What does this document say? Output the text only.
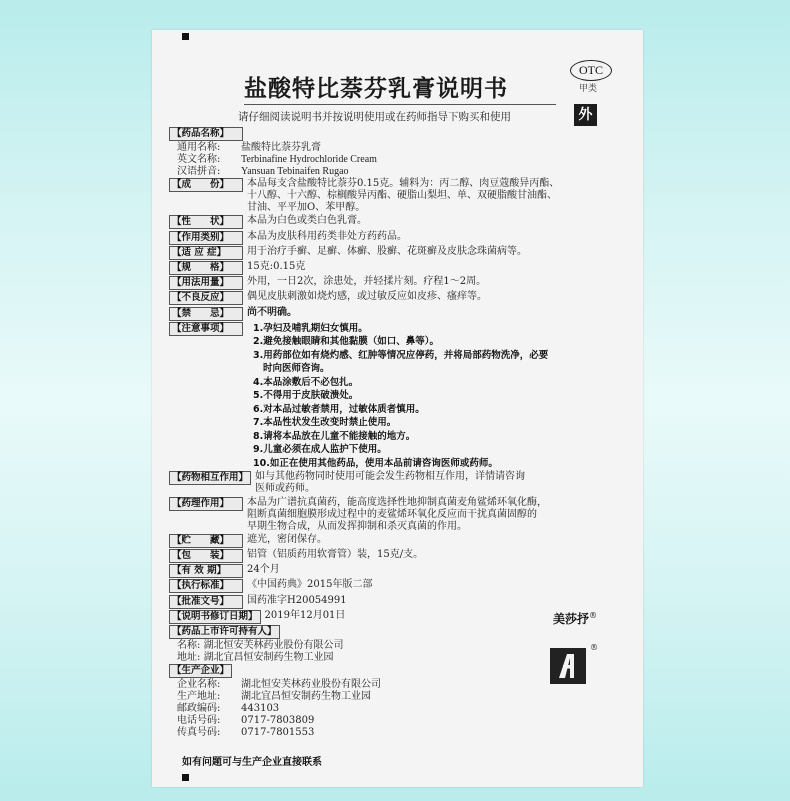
盐酸特比萘芬乳膏说明书
OTC
甲类
请仔细阅读说明书并按说明使用或在药师指导下购买和使用	外
【药品名称】
通用名称: 盐酸特比萘芬乳膏
英文名称: Terbinafine Hydrochloride Cream
汉语拼音: Yansuan Tebinaifen Rugao
【成　　份】	本品每支含盐酸特比萘芬0.15克。辅料为：丙二醇、肉豆蔻酸异丙酯、
十八醇、十六醇、棕榈酸异丙酯、硬脂山梨坦、单、双硬脂酸甘油酯、
甘油、平平加O、苯甲醇。
【性　　状】	本品为白色或类白色乳膏。
【作用类别】	本品为皮肤科用药类非处方药药品。
【适 应 症】	用于治疗手癣、足癣、体癣、股癣、花斑癣及皮肤念珠菌病等。
【规　　格】	15克:0.15克
【用法用量】	外用，一日2次，涂患处，并轻揉片刻。疗程1～2周。
【不良反应】	偶见皮肤刺激如烧灼感，或过敏反应如皮疹、瘙痒等。
【禁　　忌】	尚不明确。
【注意事项】	1.孕妇及哺乳期妇女慎用。
2.避免接触眼睛和其他黏膜（如口、鼻等）。
3.用药部位如有烧灼感、红肿等情况应停药，并将局部药物洗净，必要
时向医师咨询。
4.本品涂敷后不必包扎。
5.不得用于皮肤破溃处。
6.对本品过敏者禁用，过敏体质者慎用。
7.本品性状发生改变时禁止使用。
8.请将本品放在儿童不能接触的地方。
9.儿童必须在成人监护下使用。
10.如正在使用其他药品，使用本品前请咨询医师或药师。
【药物相互作用】 如与其他药物同时使用可能会发生药物相互作用，详情请咨询
医师或药师。
【药理作用】	本品为广谱抗真菌药，能高度选择性地抑制真菌麦角鲨烯环氧化酶，
阻断真菌细胞膜形成过程中的麦鲨烯环氧化反应而干扰真菌固醇的
早期生物合成，从而发挥抑制和杀灭真菌的作用。
【贮　　藏】	遮光，密闭保存。
【包　　装】	铝管（铝质药用软膏管）装，15克/支。
【有 效 期】	24个月
【执行标准】	《中国药典》2015年版二部
【批准文号】	国药准字H20054991
【说明书修订日期】 2019年12月01日
【药品上市许可持有人】
名称: 湖北恒安芙林药业股份有限公司
地址: 湖北宜昌恒安制药生物工业园
【生产企业】
企业名称: 湖北恒安芙林药业股份有限公司
生产地址: 湖北宜昌恒安制药生物工业园
邮政编码: 443103
电话号码: 0717-7803809
传真号码: 0717-7801553
美莎抒®
®
如有问题可与生产企业直接联系
